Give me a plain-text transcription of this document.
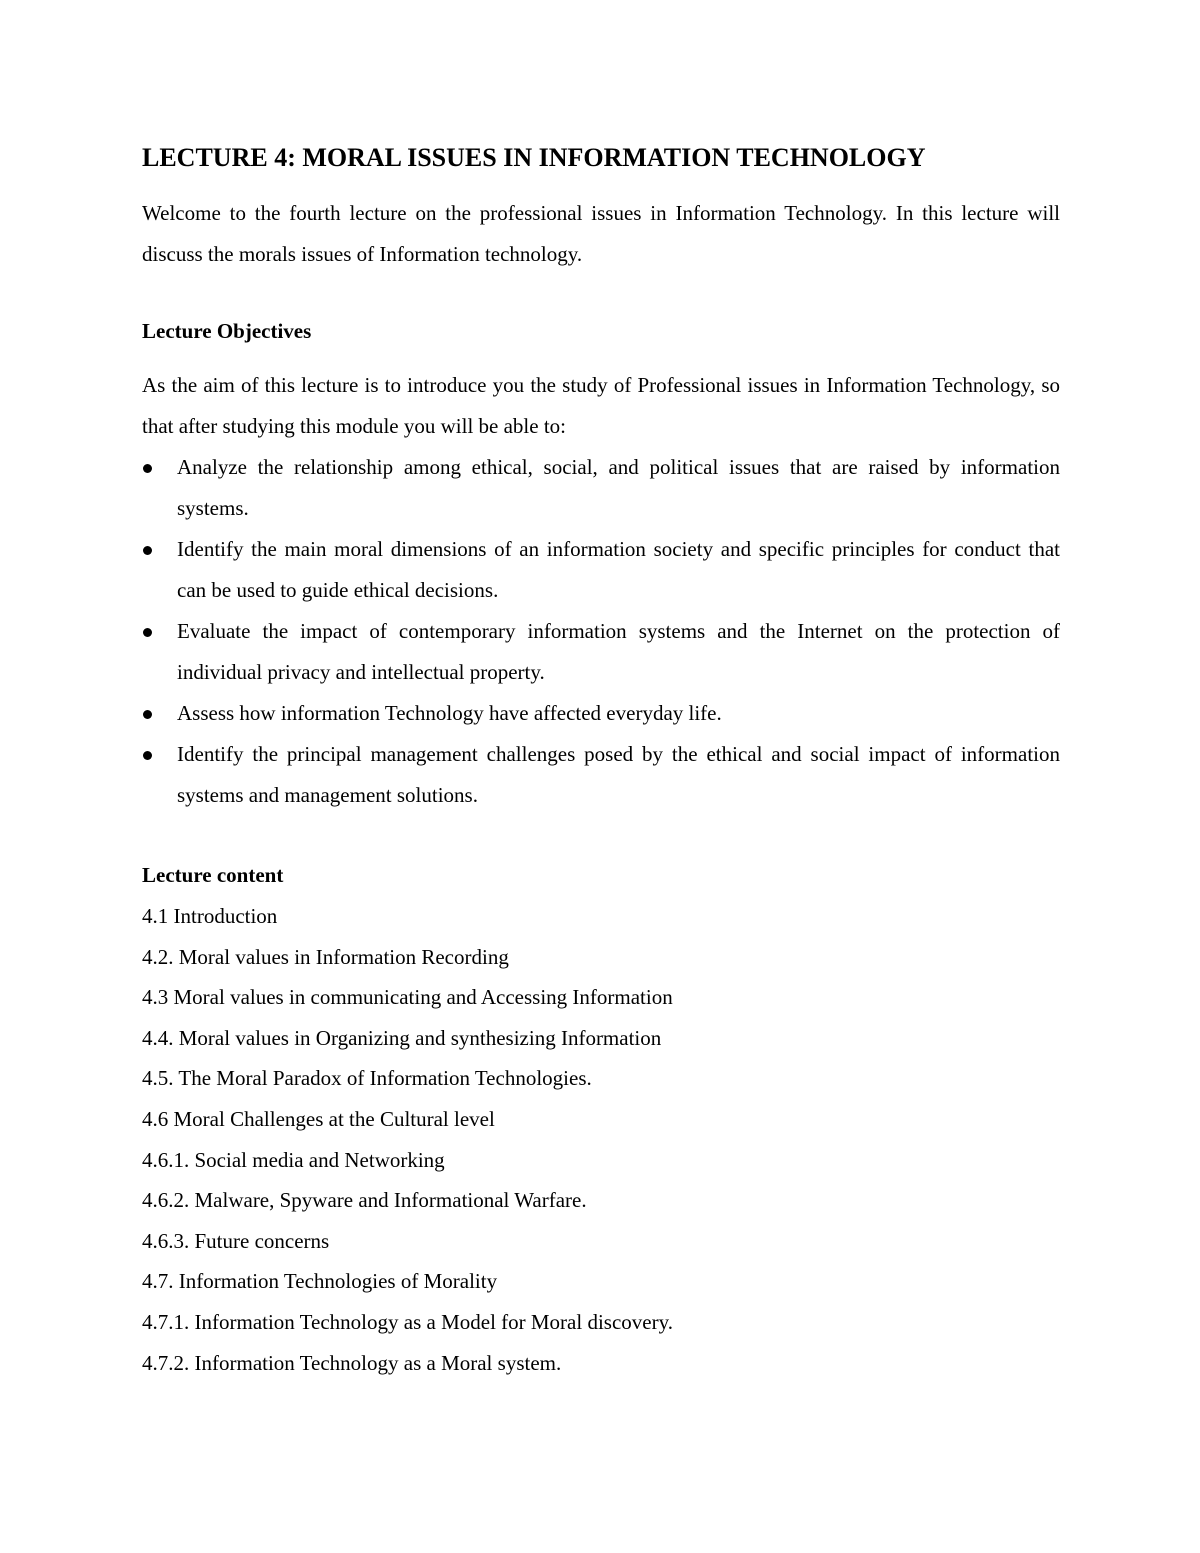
LECTURE 4: MORAL ISSUES IN INFORMATION TECHNOLOGY

Welcome to the fourth lecture on the professional issues in Information Technology. In this lecture will discuss the morals issues of Information technology.

Lecture Objectives

As the aim of this lecture is to introduce you the study of Professional issues in Information Technology, so that after studying this module you will be able to:

Analyze the relationship among ethical, social, and political issues that are raised by information systems.
Identify the main moral dimensions of an information society and specific principles for conduct that can be used to guide ethical decisions.
Evaluate the impact of contemporary information systems and the Internet on the protection of individual privacy and intellectual property.
Assess how information Technology have affected everyday life.
Identify the principal management challenges posed by the ethical and social impact of information systems and management solutions.
Lecture content
4.1 Introduction
4.2. Moral values in Information Recording
4.3 Moral values in communicating and Accessing Information
4.4. Moral values in Organizing and synthesizing Information
4.5. The Moral Paradox of Information Technologies.
4.6 Moral Challenges at the Cultural level
4.6.1. Social media and Networking
4.6.2. Malware, Spyware and Informational Warfare.
4.6.3. Future concerns
4.7. Information Technologies of Morality
4.7.1. Information Technology as a Model for Moral discovery.
4.7.2. Information Technology as a Moral system.
